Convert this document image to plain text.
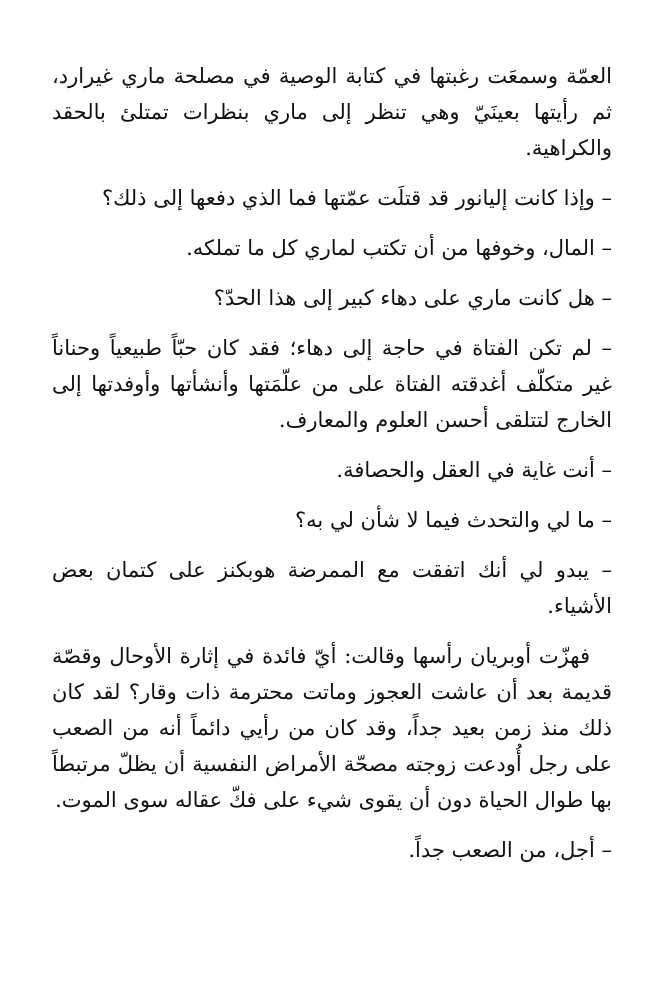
العمّة وسمعَت رغبتها في كتابة الوصية في مصلحة ماري غيرارد، ثم رأيتها بعينَيّ وهي تنظر إلى ماري بنظرات تمتلئ بالحقد والكراهية.

– وإذا كانت إليانور قد قتلَت عمّتها فما الذي دفعها إلى ذلك؟

– المال، وخوفها من أن تكتب لماري كل ما تملكه.

– هل كانت ماري على دهاء كبير إلى هذا الحدّ؟

– لم تكن الفتاة في حاجة إلى دهاء؛ فقد كان حبّاً طبيعياً وحناناً غير متكلّف أغدقته الفتاة على من علّمَتها وأنشأتها وأوفدتها إلى الخارج لتتلقى أحسن العلوم والمعارف.

– أنت غاية في العقل والحصافة.

– ما لي والتحدث فيما لا شأن لي به؟

– يبدو لي أنك اتفقت مع الممرضة هوبكنز على كتمان بعض الأشياء.

فهزّت أوبريان رأسها وقالت: أيّ فائدة في إثارة الأوحال وقصّة قديمة بعد أن عاشت العجوز وماتت محترمة ذات وقار؟ لقد كان ذلك منذ زمن بعيد جداً، وقد كان من رأيي دائماً أنه من الصعب على رجل أُودعت زوجته مصحّة الأمراض النفسية أن يظلّ مرتبطاً بها طوال الحياة دون أن يقوى شيء على فكّ عقاله سوى الموت.

– أجل، من الصعب جداً.
